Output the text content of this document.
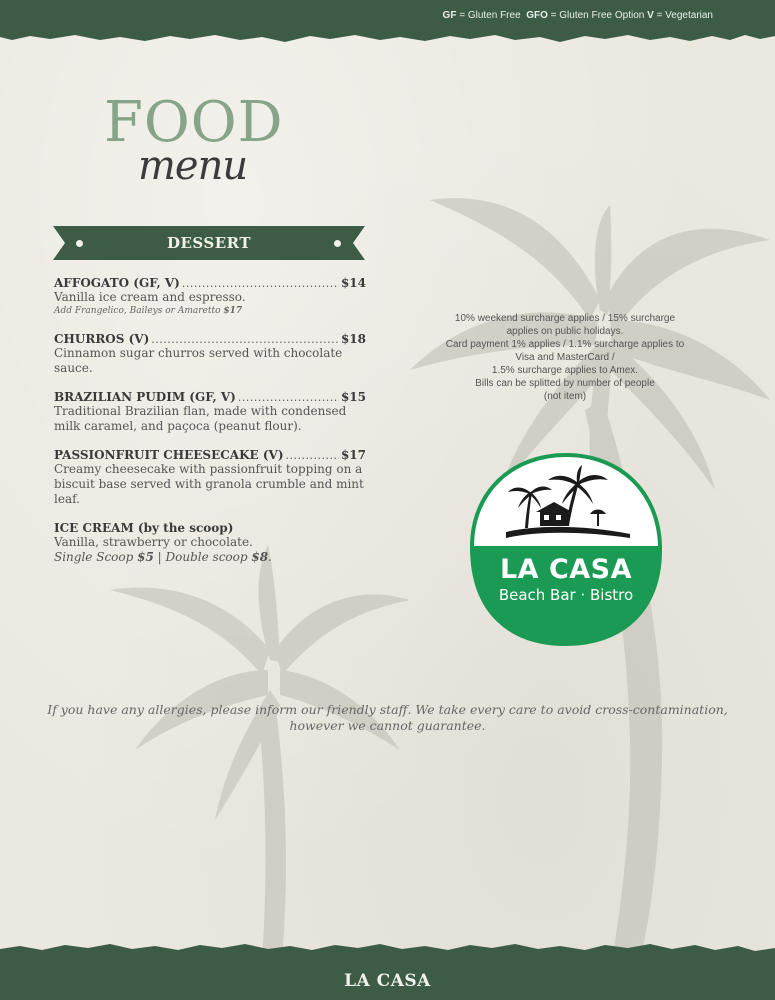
GF = Gluten Free GFO = Gluten Free Option V = Vegetarian
FOOD
menu
DESSERT
AFFOGATO (GF, V) .....	$14
Vanilla ice cream and espresso.
Add Frangelico, Baileys or Amaretto $17
CHURROS (V) .....	$18
Cinnamon sugar churros served with chocolate sauce.
BRAZILIAN PUDIM (GF, V) .....	$15
Traditional Brazilian flan, made with condensed milk caramel, and paçoca (peanut flour).
PASSIONFRUIT CHEESECAKE (V) .....	$17
Creamy cheesecake with passionfruit topping on a biscuit base served with granola crumble and mint leaf.
ICE CREAM (by the scoop)
Vanilla, strawberry or chocolate.
Single Scoop $5 | Double scoop $8.
10% weekend surcharge applies / 15% surcharge
applies on public holidays.
Card payment 1% applies / 1.1% surcharge applies to
Visa and MasterCard /
1.5% surcharge applies to Amex.
Bills can be splitted by number of people
(not item)
LA CASA
Beach Bar · Bistro
If you have any allergies, please inform our friendly staff. We take every care to avoid cross-contamination,
however we cannot guarantee.
LA CASA
